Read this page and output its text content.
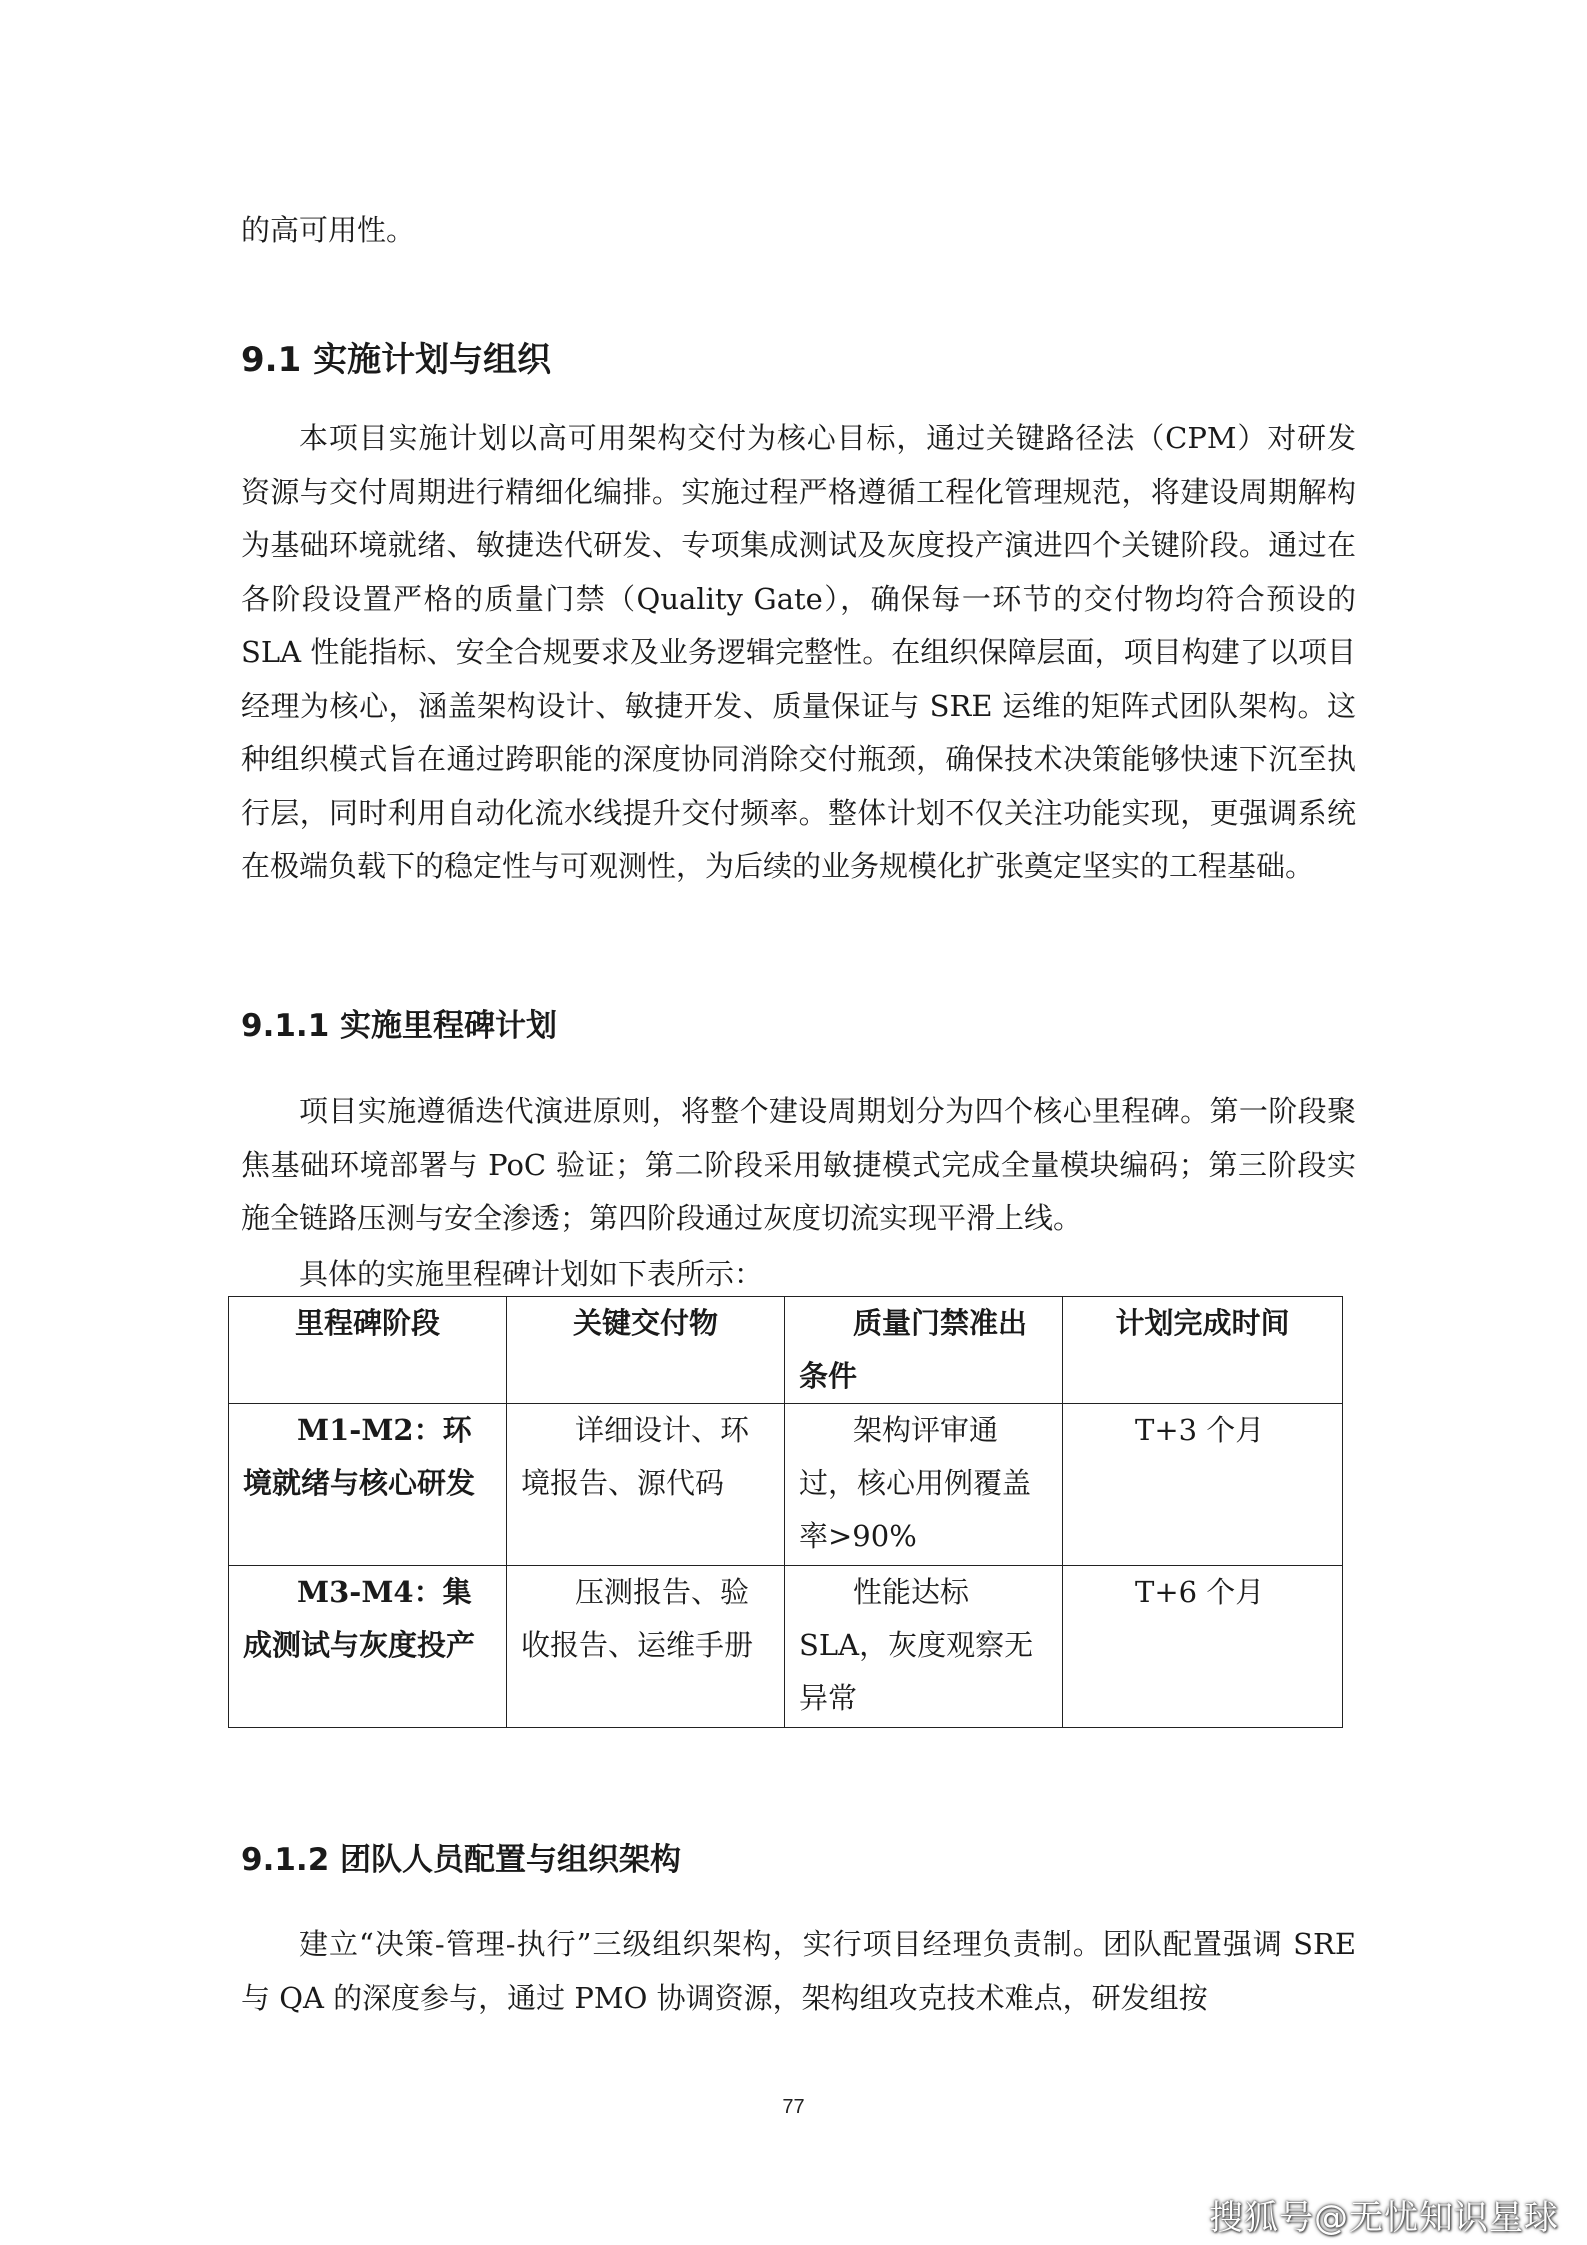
的高可用性。

9.1 实施计划与组织

本项目实施计划以高可用架构交付为核心目标，通过关键路径法（CPM）对研发资源与交付周期进行精细化编排。实施过程严格遵循工程化管理规范，将建设周期解构为基础环境就绪、敏捷迭代研发、专项集成测试及灰度投产演进四个关键阶段。通过在各阶段设置严格的质量门禁（Quality Gate），确保每一环节的交付物均符合预设的 SLA 性能指标、安全合规要求及业务逻辑完整性。在组织保障层面，项目构建了以项目经理为核心，涵盖架构设计、敏捷开发、质量保证与 SRE 运维的矩阵式团队架构。这种组织模式旨在通过跨职能的深度协同消除交付瓶颈，确保技术决策能够快速下沉至执行层，同时利用自动化流水线提升交付频率。整体计划不仅关注功能实现，更强调系统在极端负载下的稳定性与可观测性，为后续的业务规模化扩张奠定坚实的工程基础。

9.1.1 实施里程碑计划

项目实施遵循迭代演进原则，将整个建设周期划分为四个核心里程碑。第一阶段聚焦基础环境部署与 PoC 验证；第二阶段采用敏捷模式完成全量模块编码；第三阶段实施全链路压测与安全渗透；第四阶段通过灰度切流实现平滑上线。

具体的实施里程碑计划如下表所示：

里程碑阶段	关键交付物	质量门禁准出条件	计划完成时间
M1-M2：环境就绪与核心研发	详细设计、环境报告、源代码	架构评审通过，核心用例覆盖率>90%	T+3 个月
M3-M4：集成测试与灰度投产	压测报告、验收报告、运维手册	性能达标 SLA，灰度观察无异常	T+6 个月
9.1.2 团队人员配置与组织架构

建立“决策-管理-执行”三级组织架构，实行项目经理负责制。团队配置强调 SRE 与 QA 的深度参与，通过 PMO 协调资源，架构组攻克技术难点，研发组按

77
搜狐号@无忧知识星球
